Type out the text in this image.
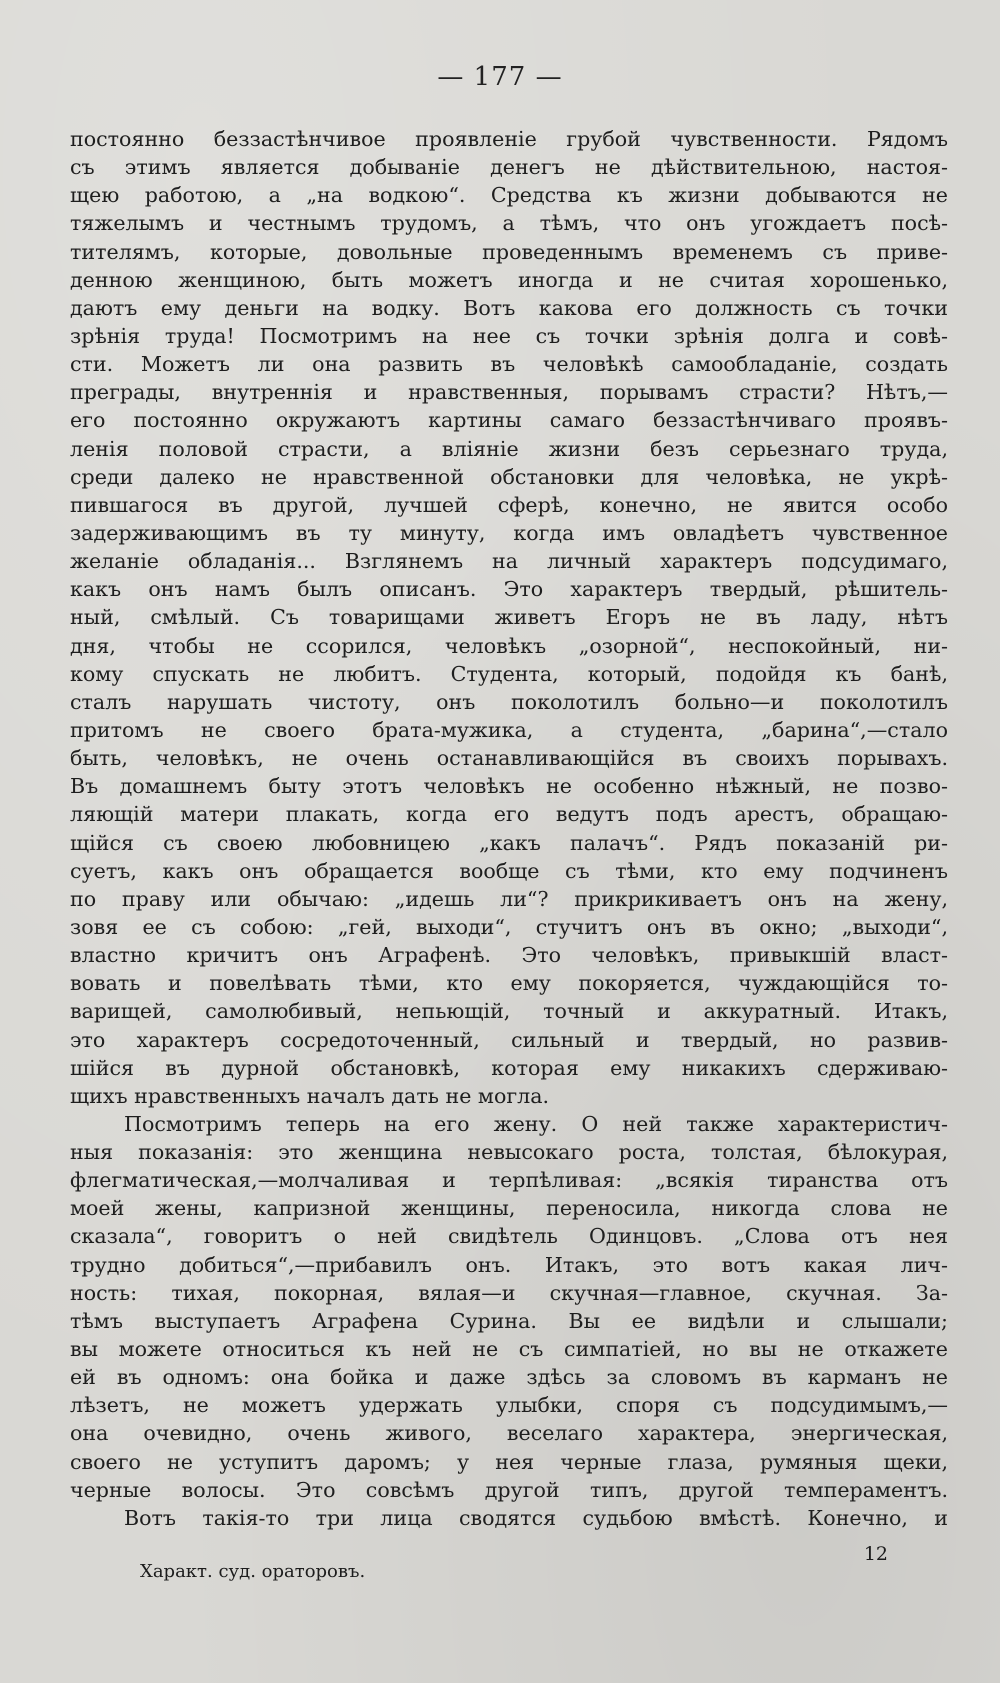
— 177 —
постоянно беззастѣнчивое проявленіе грубой чувственности. Рядомъ
съ этимъ является добываніе денегъ не дѣйствительною, настоя-
щею работою, а „на водкою“. Средства къ жизни добываются не
тяжелымъ и честнымъ трудомъ, а тѣмъ, что онъ угождаетъ посѣ-
тителямъ, которые, довольные проведеннымъ временемъ съ приве-
денною женщиною, быть можетъ иногда и не считая хорошенько,
даютъ ему деньги на водку. Вотъ какова его должность съ точки
зрѣнія труда! Посмотримъ на нее съ точки зрѣнія долга и совѣ-
сти. Можетъ ли она развить въ человѣкѣ самообладаніе, создать
преграды, внутреннія и нравственныя, порывамъ страсти? Нѣтъ,—
его постоянно окружаютъ картины самаго беззастѣнчиваго проявъ-
ленія половой страсти, а вліяніе жизни безъ серьезнаго труда,
среди далеко не нравственной обстановки для человѣка, не укрѣ-
пившагося въ другой, лучшей сферѣ, конечно, не явится особо
задерживающимъ въ ту минуту, когда имъ овладѣетъ чувственное
желаніе обладанія... Взглянемъ на личный характеръ подсудимаго,
какъ онъ намъ былъ описанъ. Это характеръ твердый, рѣшитель-
ный, смѣлый. Съ товарищами живетъ Егоръ не въ ладу, нѣтъ
дня, чтобы не ссорился, человѣкъ „озорной“, неспокойный, ни-
кому спускать не любитъ. Студента, который, подойдя къ банѣ,
сталъ нарушать чистоту, онъ поколотилъ больно—и поколотилъ
притомъ не своего брата-мужика, а студента, „барина“,—стало
быть, человѣкъ, не очень останавливающійся въ своихъ порывахъ.
Въ домашнемъ быту этотъ человѣкъ не особенно нѣжный, не позво-
ляющій матери плакать, когда его ведутъ подъ арестъ, обращаю-
щійся съ своею любовницею „какъ палачъ“. Рядъ показаній ри-
суетъ, какъ онъ обращается вообще съ тѣми, кто ему подчиненъ
по праву или обычаю: „идешь ли“? прикрикиваетъ онъ на жену,
зовя ее съ собою: „гей, выходи“, стучитъ онъ въ окно; „выходи“,
властно кричитъ онъ Аграфенѣ. Это человѣкъ, привыкшій власт-
вовать и повелѣвать тѣми, кто ему покоряется, чуждающійся то-
варищей, самолюбивый, непьющій, точный и аккуратный. Итакъ,
это характеръ сосредоточенный, сильный и твердый, но развив-
шійся въ дурной обстановкѣ, которая ему никакихъ сдерживаю-
щихъ нравственныхъ началъ дать не могла.
Посмотримъ теперь на его жену. О ней также характеристич-
ныя показанія: это женщина невысокаго роста, толстая, бѣлокурая,
флегматическая,—молчаливая и терпѣливая: „всякія тиранства отъ
моей жены, капризной женщины, переносила, никогда слова не
сказала“, говоритъ о ней свидѣтель Одинцовъ. „Слова отъ нея
трудно добиться“,—прибавилъ онъ. Итакъ, это вотъ какая лич-
ность: тихая, покорная, вялая—и скучная—главное, скучная. За-
тѣмъ выступаетъ Аграфена Сурина. Вы ее видѣли и слышали;
вы можете относиться къ ней не съ симпатіей, но вы не откажете
ей въ одномъ: она бойка и даже здѣсь за словомъ въ карманъ не
лѣзетъ, не можетъ удержать улыбки, споря съ подсудимымъ,—
она очевидно, очень живого, веселаго характера, энергическая,
своего не уступитъ даромъ; у нея черные глаза, румяныя щеки,
черные волосы. Это совсѣмъ другой типъ, другой темпераментъ.
Вотъ такія-то три лица сводятся судьбою вмѣстѣ. Конечно, и
Характ. суд. ораторовъ.
12
